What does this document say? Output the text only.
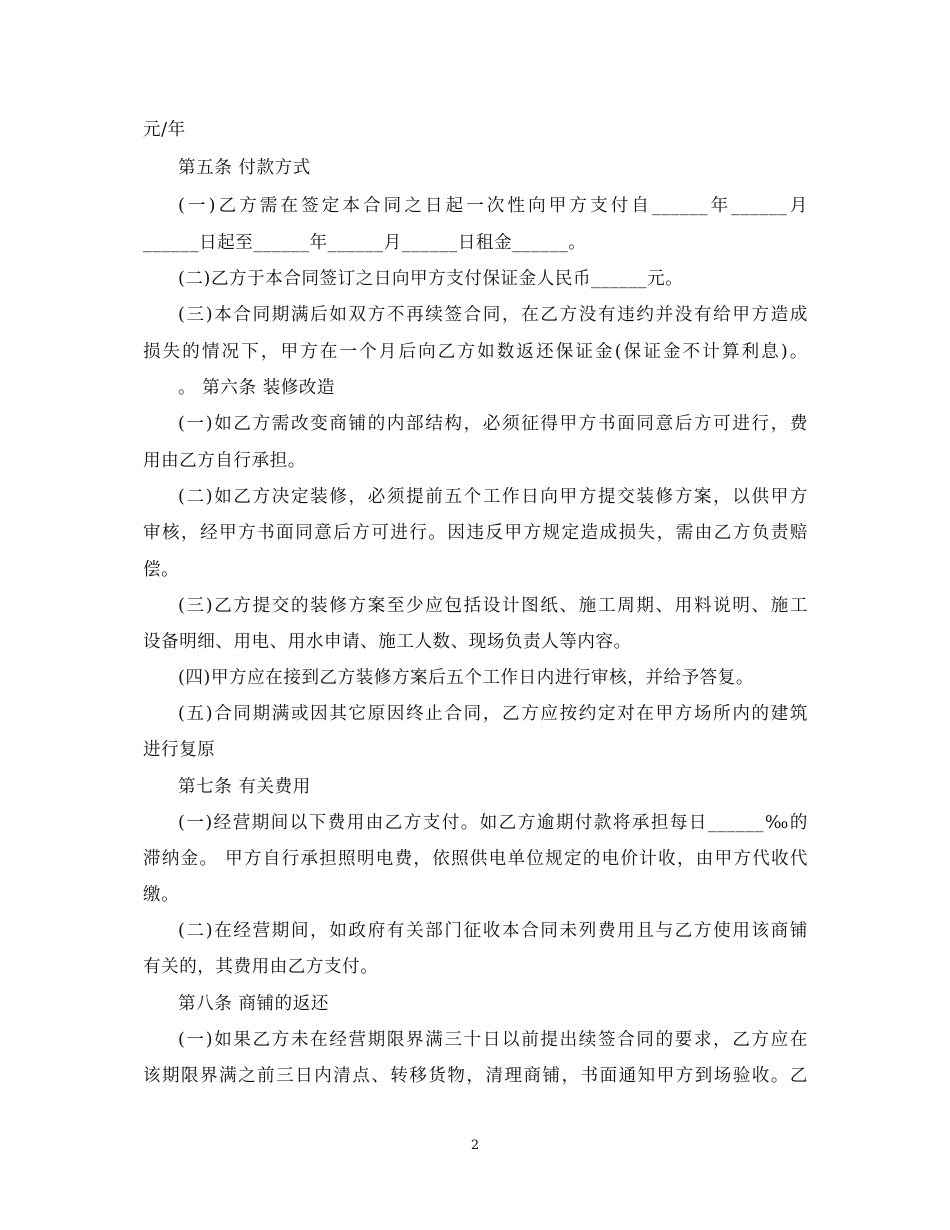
元/年
第五条 付款方式
(一)乙方需在签定本合同之日起一次性向甲方支付自______年______月
______日起至______年______月______日租金______。
(二)乙方于本合同签订之日向甲方支付保证金人民币______元。
(三)本合同期满后如双方不再续签合同，在乙方没有违约并没有给甲方造成
损失的情况下，甲方在一个月后向乙方如数返还保证金(保证金不计算利息)。
。 第六条 装修改造
(一)如乙方需改变商铺的内部结构，必须征得甲方书面同意后方可进行，费
用由乙方自行承担。
(二)如乙方决定装修，必须提前五个工作日向甲方提交装修方案，以供甲方
审核，经甲方书面同意后方可进行。因违反甲方规定造成损失，需由乙方负责赔
偿。
(三)乙方提交的装修方案至少应包括设计图纸、施工周期、用料说明、施工
设备明细、用电、用水申请、施工人数、现场负责人等内容。
(四)甲方应在接到乙方装修方案后五个工作日内进行审核，并给予答复。
(五)合同期满或因其它原因终止合同，乙方应按约定对在甲方场所内的建筑
进行复原
第七条 有关费用
(一)经营期间以下费用由乙方支付。如乙方逾期付款将承担每日______‰的
滞纳金。 甲方自行承担照明电费，依照供电单位规定的电价计收，由甲方代收代
缴。
(二)在经营期间，如政府有关部门征收本合同未列费用且与乙方使用该商铺
有关的，其费用由乙方支付。
第八条 商铺的返还
(一)如果乙方未在经营期限界满三十日以前提出续签合同的要求，乙方应在
该期限界满之前三日内清点、转移货物，清理商铺，书面通知甲方到场验收。乙
2
